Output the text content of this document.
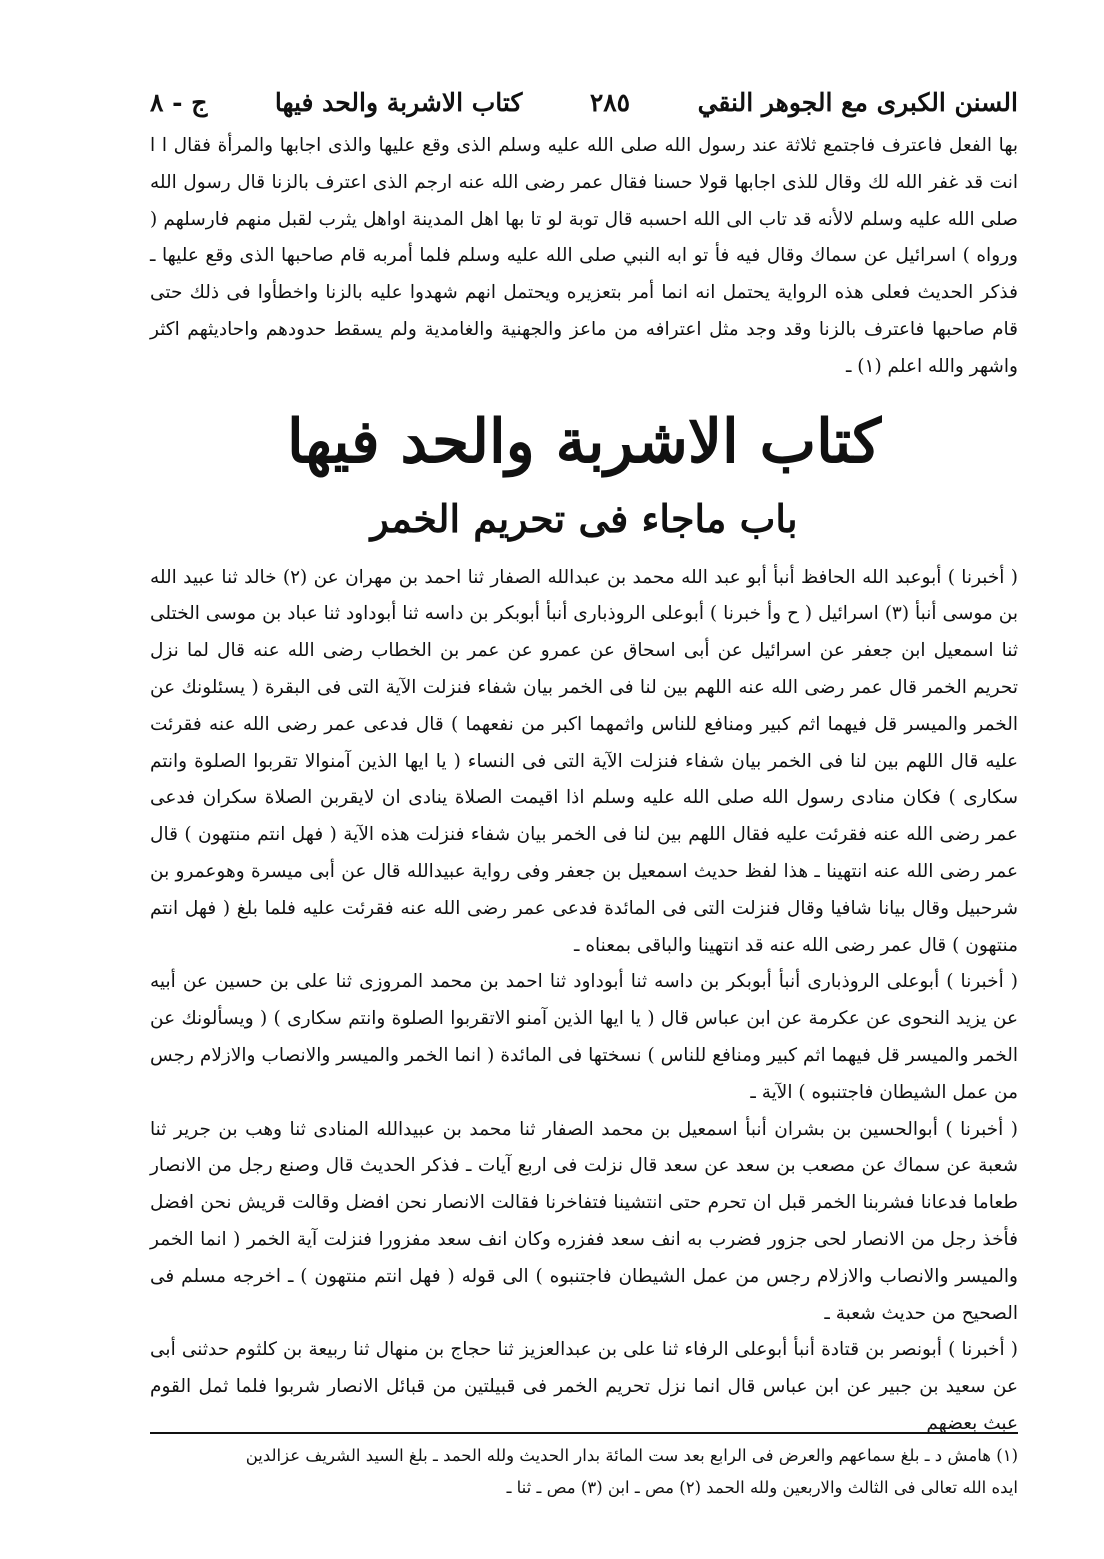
السنن الكبرى مع الجوهر النقي
٢٨٥
كتاب الاشربة والحد فيها
ج - ٨

بها الفعل فاعترف فاجتمع ثلاثة عند رسول الله صلى الله عليه وسلم الذى وقع عليها والذى اجابها والمرأة فقال ا ا انت قد غفر الله لك وقال للذى اجابها قولا حسنا فقال عمر رضى الله عنه ارجم الذى اعترف بالزنا قال رسول الله صلى الله عليه وسلم لالأنه قد تاب الى الله احسبه قال توبة لو تا بها اهل المدينة اواهل يثرب لقبل منهم فارسلهم ( ورواه ) اسرائيل عن سماك وقال فيه فأ تو ابه النبي صلى الله عليه وسلم فلما أمربه قام صاحبها الذى وقع عليها ـ فذكر الحديث فعلى هذه الرواية يحتمل انه انما أمر بتعزيره ويحتمل انهم شهدوا عليه بالزنا واخطأوا فى ذلك حتى قام صاحبها فاعترف بالزنا وقد وجد مثل اعترافه من ماعز والجهنية والغامدية ولم يسقط حدودهم واحاديثهم اكثر واشهر والله اعلم (١) ـ

كتاب الاشربة والحد فيها
باب ماجاء فى تحريم الخمر

( أخبرنا ) أبوعبد الله الحافظ أنبأ أبو عبد الله محمد بن عبدالله الصفار ثنا احمد بن مهران عن (٢) خالد ثنا عبيد الله بن موسى أنبأ (٣) اسرائيل ( ح وأ خبرنا ) أبوعلى الروذبارى أنبأ أبوبكر بن داسه ثنا أبوداود ثنا عباد بن موسى الختلى ثنا اسمعيل ابن جعفر عن اسرائيل عن أبى اسحاق عن عمرو عن عمر بن الخطاب رضى الله عنه قال لما نزل تحريم الخمر قال عمر رضى الله عنه اللهم بين لنا فى الخمر بيان شفاء فنزلت الآية التى فى البقرة ( يسئلونك عن الخمر والميسر قل فيهما اثم كبير ومنافع للناس واثمهما اكبر من نفعهما ) قال فدعى عمر رضى الله عنه فقرئت عليه قال اللهم بين لنا فى الخمر بيان شفاء فنزلت الآية التى فى النساء ( يا ايها الذين آمنوالا تقربوا الصلوة وانتم سكارى ) فكان منادى رسول الله صلى الله عليه وسلم اذا اقيمت الصلاة ينادى ان لايقربن الصلاة سكران فدعى عمر رضى الله عنه فقرئت عليه فقال اللهم بين لنا فى الخمر بيان شفاء فنزلت هذه الآية ( فهل انتم منتهون ) قال عمر رضى الله عنه انتهينا ـ هذا لفظ حديث اسمعيل بن جعفر وفى رواية عبيدالله قال عن أبى ميسرة وهوعمرو بن شرحبيل وقال بيانا شافيا وقال فنزلت التى فى المائدة فدعى عمر رضى الله عنه فقرئت عليه فلما بلغ ( فهل انتم منتهون ) قال عمر رضى الله عنه قد انتهينا والباقى بمعناه ـ

( أخبرنا ) أبوعلى الروذبارى أنبأ أبوبكر بن داسه ثنا أبوداود ثنا احمد بن محمد المروزى ثنا على بن حسين عن أبيه عن يزيد النحوى عن عكرمة عن ابن عباس قال ( يا ايها الذين آمنو الاتقربوا الصلوة وانتم سكارى ) ( ويسألونك عن الخمر والميسر قل فيهما اثم كبير ومنافع للناس ) نسختها فى المائدة ( انما الخمر والميسر والانصاب والازلام رجس من عمل الشيطان فاجتنبوه ) الآية ـ

( أخبرنا ) أبوالحسين بن بشران أنبأ اسمعيل بن محمد الصفار ثنا محمد بن عبيدالله المنادى ثنا وهب بن جرير ثنا شعبة عن سماك عن مصعب بن سعد عن سعد قال نزلت فى اربع آيات ـ فذكر الحديث قال وصنع رجل من الانصار طعاما فدعانا فشربنا الخمر قبل ان تحرم حتى انتشينا فتفاخرنا فقالت الانصار نحن افضل وقالت قريش نحن افضل فأخذ رجل من الانصار لحى جزور فضرب به انف سعد ففزره وكان انف سعد مفزورا فنزلت آية الخمر ( انما الخمر والميسر والانصاب والازلام رجس من عمل الشيطان فاجتنبوه ) الى قوله ( فهل انتم منتهون ) ـ اخرجه مسلم فى الصحيح من حديث شعبة ـ

( أخبرنا ) أبونصر بن قتادة أنبأ أبوعلى الرفاء ثنا على بن عبدالعزيز ثنا حجاج بن منهال ثنا ربيعة بن كلثوم حدثنى أبى عن سعيد بن جبير عن ابن عباس قال انما نزل تحريم الخمر فى قبيلتين من قبائل الانصار شربوا فلما ثمل القوم عبث بعضهم

(١) هامش د ـ بلغ سماعهم والعرض فى الرابع بعد ست المائة بدار الحديث ولله الحمد ـ بلغ السيد الشريف عزالدين

ايده الله تعالى فى الثالث والاربعين ولله الحمد (٢) مص ـ ابن (٣) مص ـ ثنا ـ
